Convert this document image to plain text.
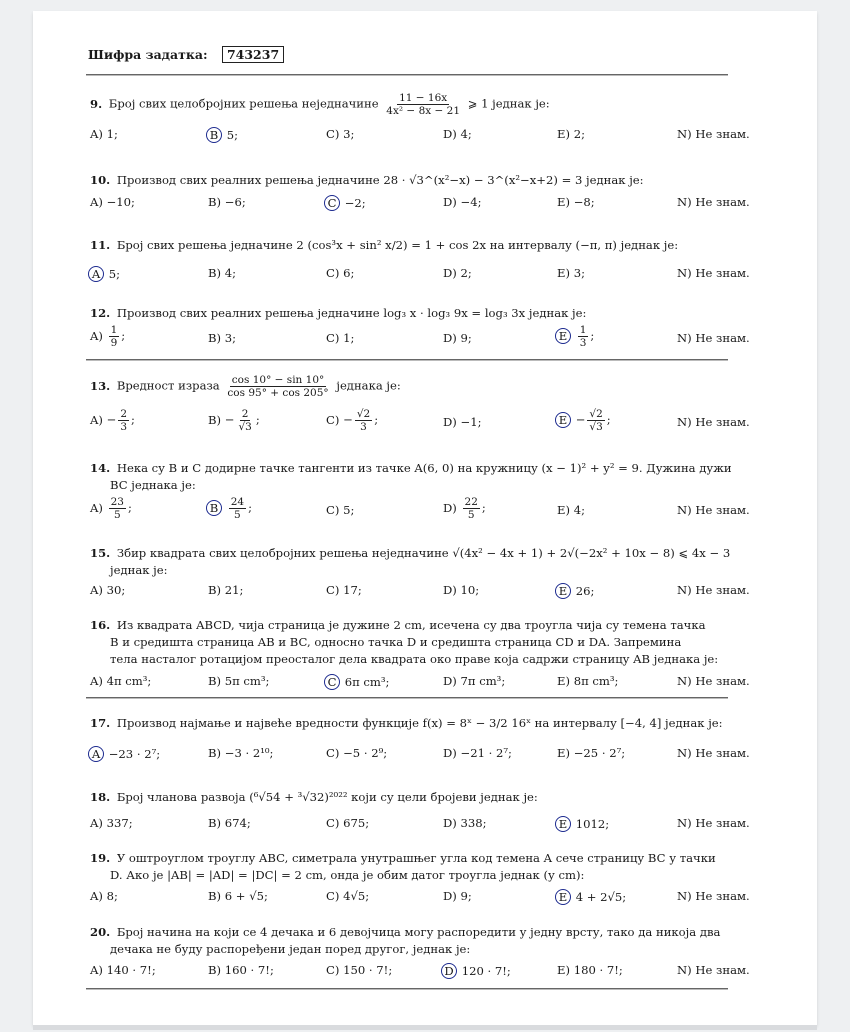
Шифра задатка: 743237
9. Број свих целобројних решења неједначине $\frac{11 - 16x}{\text{4x² − 8x − 21}}$ ⩾ 1 једнак је:
A) 1;	B 5;	C) 3;	D) 4;	E) 2;	N) Не знам.
10. Производ свих реалних решења једначине 28 · √3^(x²−x) − 3^(x²−x+2) = 3 једнак је:
A) −10;	B) −6;	C −2;	D) −4;	E) −8;	N) Не знам.
11. Број свих решења једначине 2 (cos³x + sin² x/2) = 1 + cos 2x на интервалу (−π, π) једнак је:
A 5;	B) 4;	C) 6;	D) 2;	E) 3;	N) Не знам.
12. Производ свих реалних решења једначине log₃ x · log₃ 9x = log₃ 3x једнак је:
$A) \frac{1}{9}$ ;	B) 3;	C) 1;	D) 9;	E $\frac{1}{3}$ ;	N) Не знам.
13. Вредност израза $\frac{\cos 10^\circ - \sin 10^\circ}{\cos 95^\circ + \cos 205^\circ}$ једнака је:
$A) - \frac{2}{3}$ ;	$B) - \frac{2}{√3}$ ;	$C) - \frac{√2}{3}$ ;	D) −1;	$E - \frac{√2}{√3}$ ;	N) Не знам.
14. Нека су B и C додирне тачке тангенти из тачке A(6, 0) на кружницу (x − 1)² + y² = 9. Дужина дужи
BC једнака је:
$A) \frac{23}{5}$ ;	B $\frac{24}{5}$ ;	C) 5;	$D) \frac{22}{5}$ ;	E) 4;	N) Не знам.
15. Збир квадрата свих целобројних решења неједначине √(4x² − 4x + 1) + 2√(−2x² + 10x − 8) ⩽ 4x − 3
једнак је:
A) 30;	B) 21;	C) 17;	D) 10;	E 26;	N) Не знам.
16. Из квадрата ABCD, чија страница је дужине 2 cm, исечена су два троугла чија су темена тачка
B и средишта страница AB и BC, односно тачка D и средишта страница CD и DA. Запремина
тела насталог ротацијом преосталог дела квадрата око праве која садржи страницу AB једнака је:
A) 4π cm³;	B) 5π cm³;	C 6π cm³;	D) 7π cm³;	E) 8π cm³;	N) Не знам.
17. Производ најмање и највеће вредности функције f(x) = 8ˣ − 3/2 16ˣ на интервалу [−4, 4] једнак је:
A −23 · 2⁷;	B) −3 · 2¹⁰;	C) −5 · 2⁹;	D) −21 · 2⁷;	E) −25 · 2⁷;	N) Не знам.
18. Број чланова развоја (⁶√54 + ³√32)²⁰²² који су цели бројеви једнак је:
A) 337;	B) 674;	C) 675;	D) 338;	E 1012;	N) Не знам.
19. У оштроуглом троуглу ABC, симетрала унутрашњег угла код темена A сече страницу BC у тачки
D. Ако је |AB| = |AD| = |DC| = 2 cm, онда је обим датог троугла једнак (у cm):
A) 8;	B) 6 + √5;	C) 4√5;	D) 9;	E 4 + 2√5;	N) Не знам.
20. Број начина на који се 4 дечака и 6 девојчица могу распоредити у једну врсту, тако да никоја два
дечака не буду распоређени један поред другог, једнак је:
A) 140 · 7!;	B) 160 · 7!;	C) 150 · 7!;	D 120 · 7!;	E) 180 · 7!;	N) Не знам.
